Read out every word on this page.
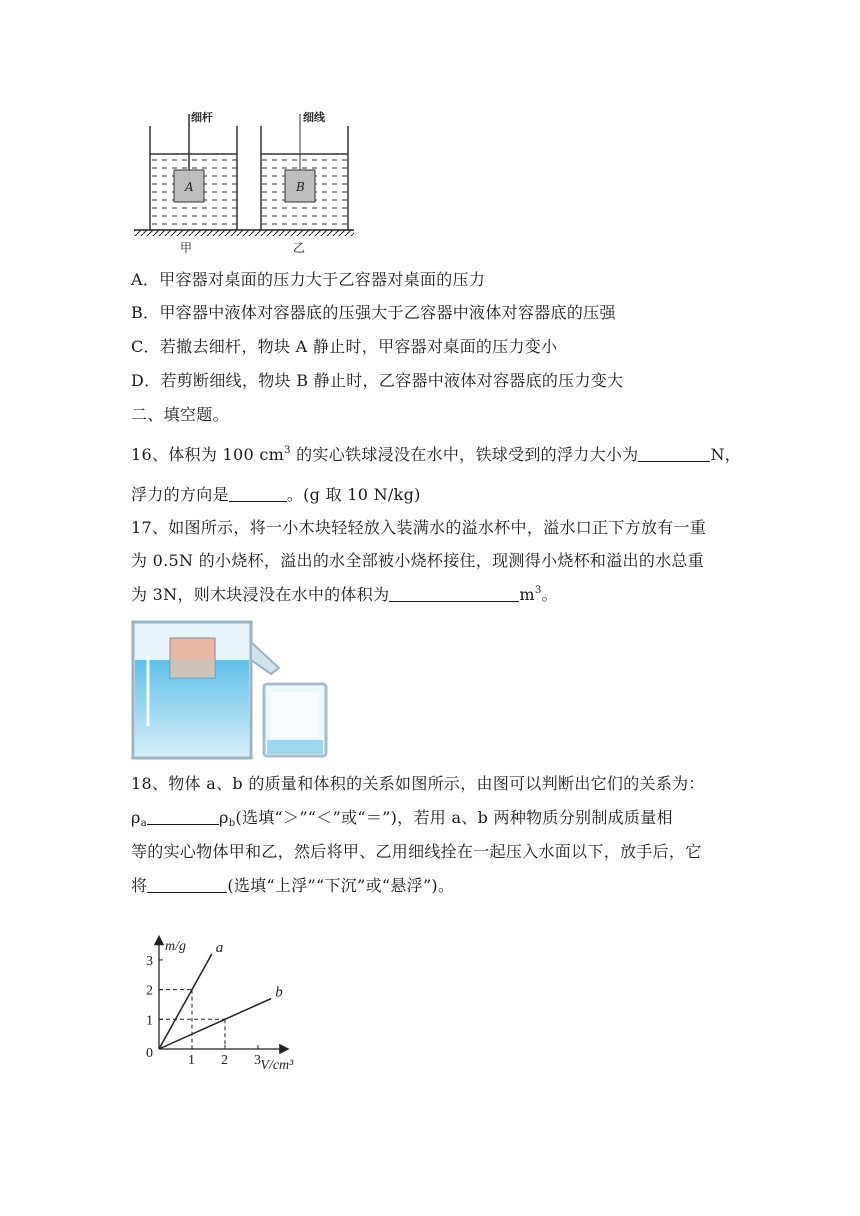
细杆	细线
A	B
甲	乙
A．甲容器对桌面的压力大于乙容器对桌面的压力
B．甲容器中液体对容器底的压强大于乙容器中液体对容器底的压强
C．若撤去细杆，物块 A 静止时，甲容器对桌面的压力变小
D．若剪断细线，物块 B 静止时，乙容器中液体对容器底的压力变大
二、填空题。
16、体积为 100 $cm^3$ 的实心铁球浸没在水中，铁球受到的浮力大小为	N，
浮力的方向是	。(g 取 10 N/kg)
17、如图所示，将一小木块轻轻放入装满水的溢水杯中，溢水口正下方放有一重
为 0.5N 的小烧杯，溢出的水全部被小烧杯接住，现测得小烧杯和溢出的水总重
为 3N，则木块浸没在水中的体积为	$m^3$。
18、物体 a、b 的质量和体积的关系如图所示，由图可以判断出它们的关系为：
$\rho_a$	$\rho_b$(选填“＞”“＜”或“＝”)，若用 a、b 两种物质分别制成质量相
等的实心物体甲和乙，然后将甲、乙用细线拴在一起压入水面以下，放手后，它
将	(选填“上浮”“下沉”或“悬浮”)。
1 2 3
1
2
3
0
m/g
V/cm³
a
b
